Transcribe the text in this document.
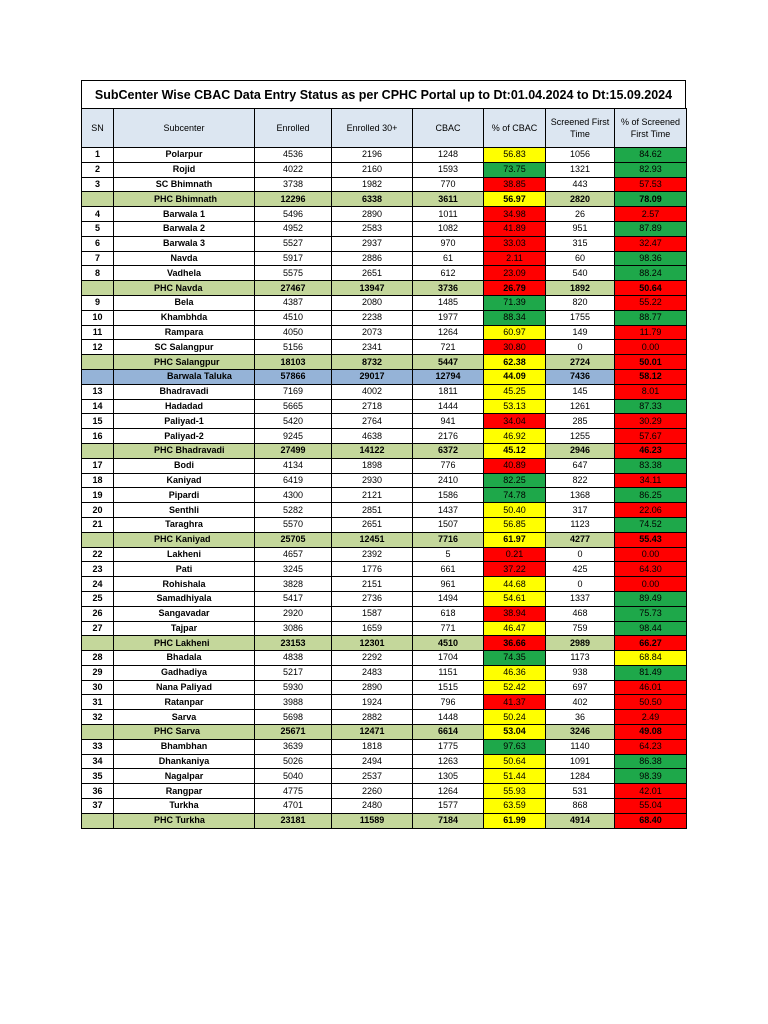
SubCenter Wise CBAC Data Entry Status as per CPHC Portal up to Dt:01.04.2024 to Dt:15.09.2024
SN	Subcenter	Enrolled	Enrolled 30+	CBAC	% of CBAC	Screened First Time	% of Screened First Time
1	Polarpur	4536	2196	1248	56.83	1056	84.62
2	Rojid	4022	2160	1593	73.75	1321	82.93
3	SC Bhimnath	3738	1982	770	38.85	443	57.53
	PHC Bhimnath	12296	6338	3611	56.97	2820	78.09
4	Barwala 1	5496	2890	1011	34.98	26	2.57
5	Barwala 2	4952	2583	1082	41.89	951	87.89
6	Barwala 3	5527	2937	970	33.03	315	32.47
7	Navda	5917	2886	61	2.11	60	98.36
8	Vadhela	5575	2651	612	23.09	540	88.24
	PHC Navda	27467	13947	3736	26.79	1892	50.64
9	Bela	4387	2080	1485	71.39	820	55.22
10	Khambhda	4510	2238	1977	88.34	1755	88.77
11	Rampara	4050	2073	1264	60.97	149	11.79
12	SC Salangpur	5156	2341	721	30.80	0	0.00
	PHC Salangpur	18103	8732	5447	62.38	2724	50.01
	Barwala Taluka	57866	29017	12794	44.09	7436	58.12
13	Bhadravadi	7169	4002	1811	45.25	145	8.01
14	Hadadad	5665	2718	1444	53.13	1261	87.33
15	Paliyad-1	5420	2764	941	34.04	285	30.29
16	Paliyad-2	9245	4638	2176	46.92	1255	57.67
	PHC Bhadravadi	27499	14122	6372	45.12	2946	46.23
17	Bodi	4134	1898	776	40.89	647	83.38
18	Kaniyad	6419	2930	2410	82.25	822	34.11
19	Pipardi	4300	2121	1586	74.78	1368	86.25
20	Senthli	5282	2851	1437	50.40	317	22.06
21	Taraghra	5570	2651	1507	56.85	1123	74.52
	PHC Kaniyad	25705	12451	7716	61.97	4277	55.43
22	Lakheni	4657	2392	5	0.21	0	0.00
23	Pati	3245	1776	661	37.22	425	64.30
24	Rohishala	3828	2151	961	44.68	0	0.00
25	Samadhiyala	5417	2736	1494	54.61	1337	89.49
26	Sangavadar	2920	1587	618	38.94	468	75.73
27	Tajpar	3086	1659	771	46.47	759	98.44
	PHC Lakheni	23153	12301	4510	36.66	2989	66.27
28	Bhadala	4838	2292	1704	74.35	1173	68.84
29	Gadhadiya	5217	2483	1151	46.36	938	81.49
30	Nana Paliyad	5930	2890	1515	52.42	697	46.01
31	Ratanpar	3988	1924	796	41.37	402	50.50
32	Sarva	5698	2882	1448	50.24	36	2.49
	PHC Sarva	25671	12471	6614	53.04	3246	49.08
33	Bhambhan	3639	1818	1775	97.63	1140	64.23
34	Dhankaniya	5026	2494	1263	50.64	1091	86.38
35	Nagalpar	5040	2537	1305	51.44	1284	98.39
36	Rangpar	4775	2260	1264	55.93	531	42.01
37	Turkha	4701	2480	1577	63.59	868	55.04
	PHC Turkha	23181	11589	7184	61.99	4914	68.40
